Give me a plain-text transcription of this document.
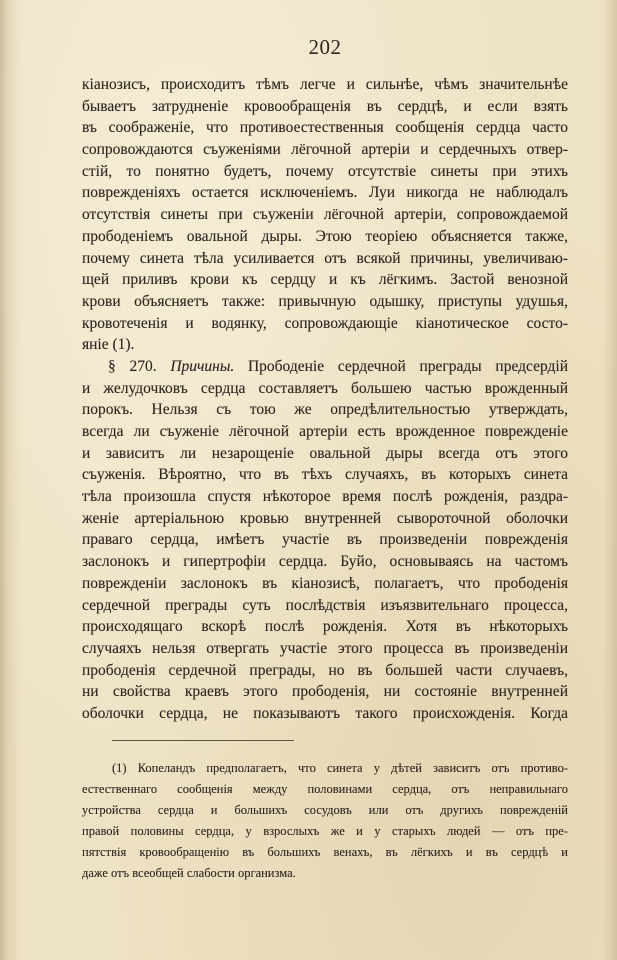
202
кіанозисъ, происходитъ тѣмъ легче и сильнѣе, чѣмъ значительнѣе
бываетъ затрудненіе кровообращенія въ сердцѣ, и если взять
въ соображеніе, что противоестественныя сообщенія сердца часто
сопровождаются съуженіями лёгочной артеріи и сердечныхъ отвер-
стій, то понятно будетъ, почему отсутствіе синеты при этихъ
поврежденіяхъ остается исключеніемъ. Луи никогда не наблюдалъ
отсутствія синеты при съуженіи лёгочной артеріи, сопровождаемой
прободеніемъ овальной дыры. Этою теоріею объясняется также,
почему синета тѣла усиливается отъ всякой причины, увеличиваю-
щей приливъ крови къ сердцу и къ лёгкимъ. Застой венозной
крови объясняетъ также: привычную одышку, приступы удушья,
кровотеченія и водянку, сопровождающіе кіанотическое состо-
яніе (1).
§ 270. Причины. Прободеніе сердечной преграды предсердій
и желудочковъ сердца составляетъ большею частью врожденный
порокъ. Нельзя съ тою же опредѣлительностью утверждать,
всегда ли съуженіе лёгочной артеріи есть врожденное поврежденіе
и зависитъ ли незарощеніе овальной дыры всегда отъ этого
съуженія. Вѣроятно, что въ тѣхъ случаяхъ, въ которыхъ синета
тѣла произошла спустя нѣкоторое время послѣ рожденія, раздра-
женіе артеріальною кровью внутренней сывороточной оболочки
праваго сердца, имѣетъ участіе въ произведеніи поврежденія
заслонокъ и гипертрофіи сердца. Буйо, основываясь на частомъ
поврежденіи заслонокъ въ кіанозисѣ, полагаетъ, что прободенія
сердечной преграды суть послѣдствія изъязвительнаго процесса,
происходящаго вскорѣ послѣ рожденія. Хотя въ нѣкоторыхъ
случаяхъ нельзя отвергать участіе этого процесса въ произведеніи
прободенія сердечной преграды, но въ большей части случаевъ,
ни свойства краевъ этого прободенія, ни состояніе внутренней
оболочки сердца, не показываютъ такого происхожденія. Когда
(1) Копеландъ предполагаетъ, что синета у дѣтей зависитъ отъ противо-
естественнаго сообщенія между половинами сердца, отъ неправильнаго
устройства сердца и большихъ сосудовъ или отъ другихъ поврежденій
правой половины сердца, у взрослыхъ же и у старыхъ людей — отъ пре-
пятствія кровообращенію въ большихъ венахъ, въ лёгкихъ и въ сердцѣ и
даже отъ всеобщей слабости организма.
